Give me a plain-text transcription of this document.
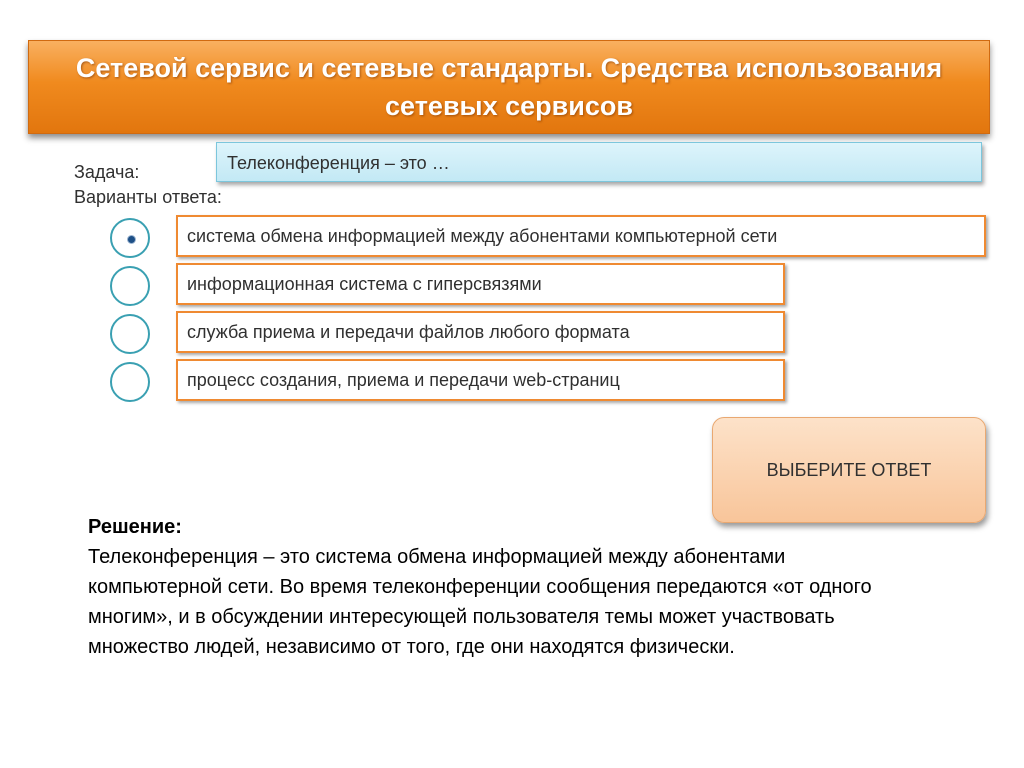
Сетевой сервис и сетевые стандарты. Средства использования сетевых сервисов
Задача:
Варианты ответа:
Телеконференция – это …
система обмена информацией между абонентами компьютерной сети
информационная система с гиперсвязями
служба приема и передачи файлов любого формата
процесс создания, приема и передачи web-страниц
ВЫБЕРИТЕ ОТВЕТ
Решение:
Телеконференция – это система обмена информацией между абонентами компьютерной сети. Во время телеконференции сообщения передаются «от одного многим», и в обсуждении интересующей пользователя темы может участвовать множество людей, независимо от того, где они находятся физически.
